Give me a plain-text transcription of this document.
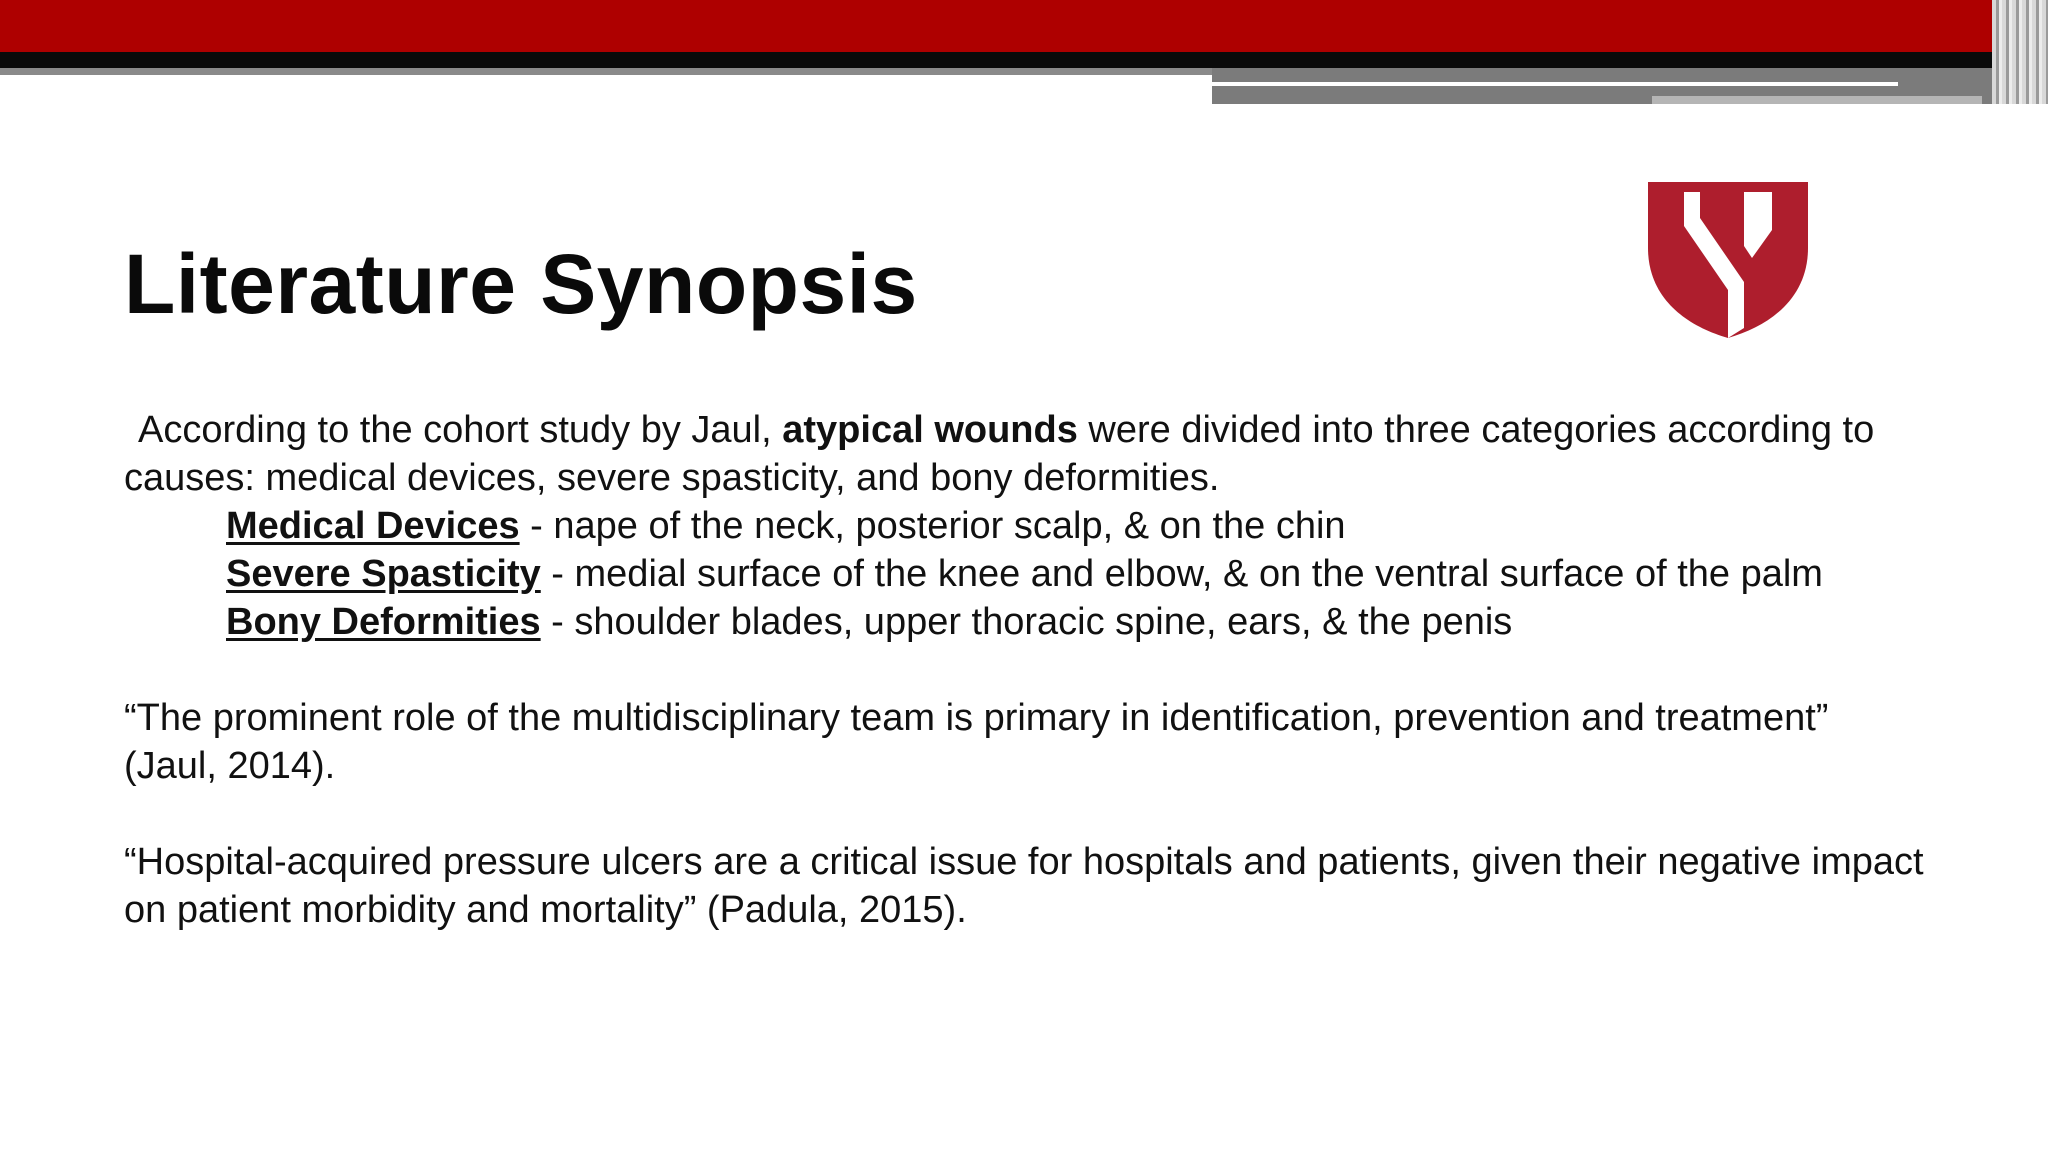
Literature Synopsis

According to the cohort study by Jaul, atypical wounds were divided into three categories according to causes: medical devices, severe spasticity, and bony deformities.

Medical Devices - nape of the neck, posterior scalp, & on the chin

Severe Spasticity - medial surface of the knee and elbow, & on the ventral surface of the palm

Bony Deformities - shoulder blades, upper thoracic spine, ears, & the penis

“The prominent role of the multidisciplinary team is primary in identification, prevention and treatment” (Jaul, 2014).

“Hospital-acquired pressure ulcers are a critical issue for hospitals and patients, given their negative impact on patient morbidity and mortality” (Padula, 2015).
